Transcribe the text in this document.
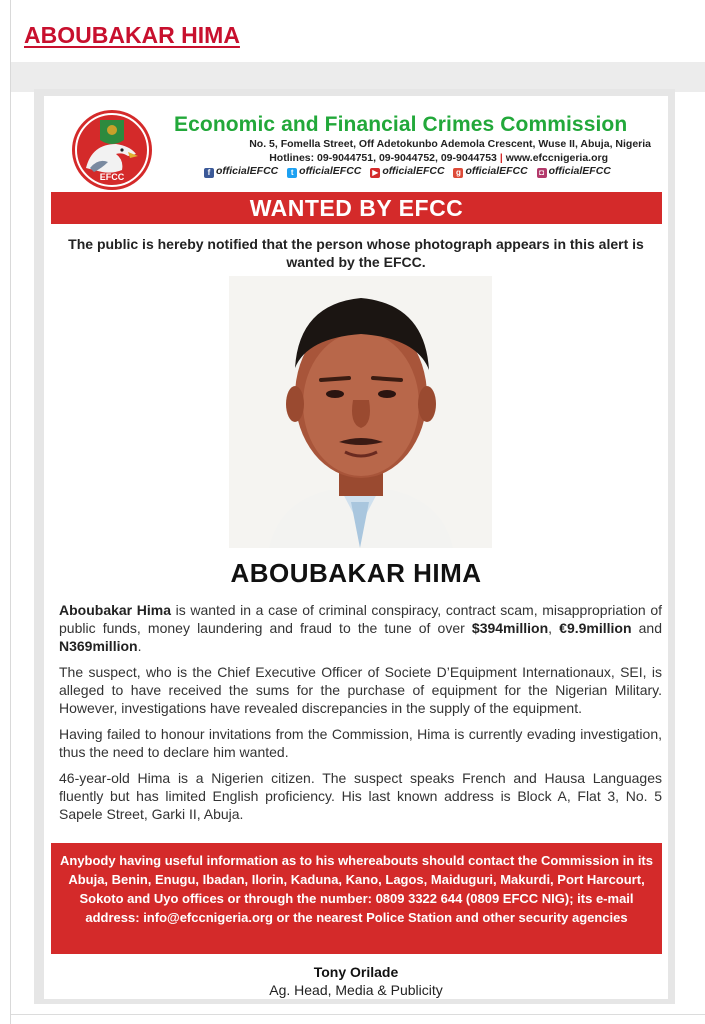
ABOUBAKAR HIMA
EFCC
Economic and Financial Crimes Commission
No. 5, Fomella Street, Off Adetokunbo Ademola Crescent, Wuse II, Abuja, Nigeria
Hotlines: 09-9044751, 09-9044752, 09-9044753 | www.efccnigeria.org
f officialEFCC t officialEFCC ▶ officialEFCC g officialEFCC ◘ officialEFCC
WANTED BY EFCC
The public is hereby notified that the person whose photograph appears in this alert is wanted by the EFCC.
ABOUBAKAR HIMA

Aboubakar Hima is wanted in a case of criminal conspiracy, contract scam, misappropriation of public funds, money laundering and fraud to the tune of over $394million, €9.9million and N369million.

The suspect, who is the Chief Executive Officer of Societe D’Equipment Internationaux, SEI, is alleged to have received the sums for the purchase of equipment for the Nigerian Military. However, investigations have revealed discrepancies in the supply of the equipment.

Having failed to honour invitations from the Commission, Hima is currently evading investigation, thus the need to declare him wanted.

46-year-old Hima is a Nigerien citizen. The suspect speaks French and Hausa Languages fluently but has limited English proficiency. His last known address is Block A, Flat 3, No. 5 Sapele Street, Garki II, Abuja.

Anybody having useful information as to his whereabouts should contact the Commission in its Abuja, Benin, Enugu, Ibadan, Ilorin, Kaduna, Kano, Lagos, Maiduguri, Makurdi, Port Harcourt, Sokoto and Uyo offices or through the number: 0809 3322 644 (0809 EFCC NIG); its e-mail address: info@efccnigeria.org or the nearest Police Station and other security agencies
Tony Orilade
Ag. Head, Media & Publicity
